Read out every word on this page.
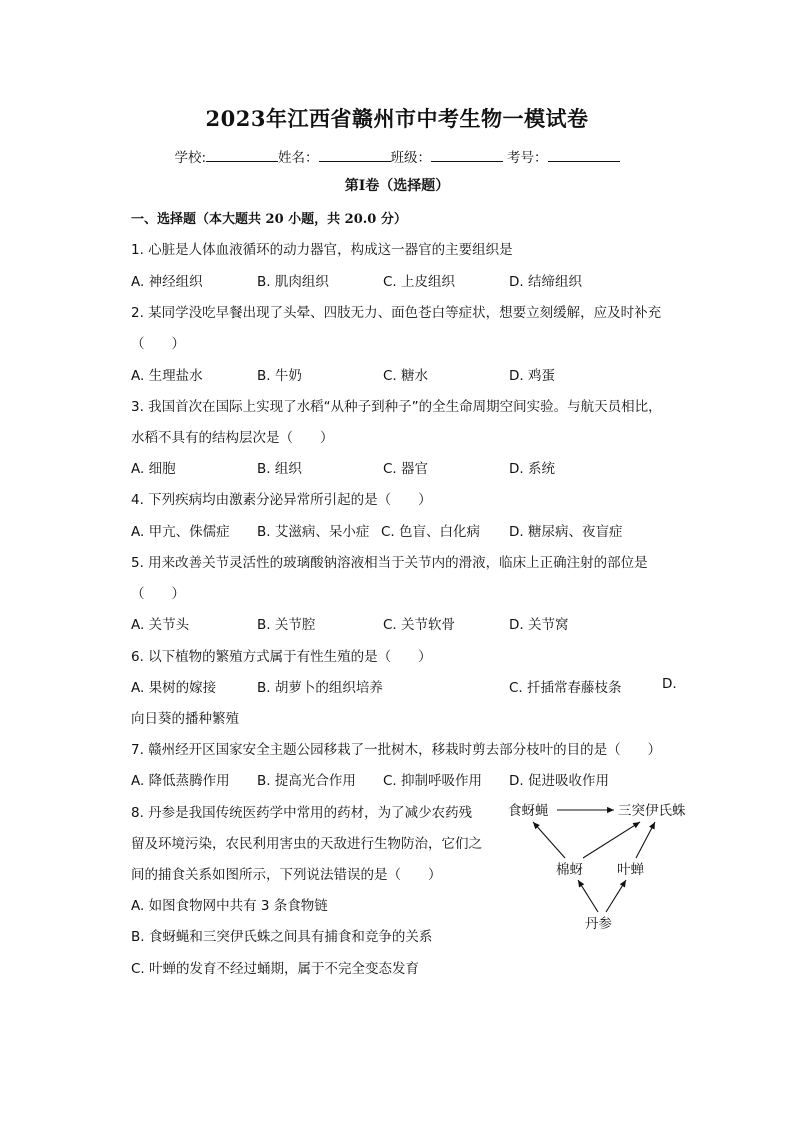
2023年江西省赣州市中考生物一模试卷
学校:	姓名：	班级：	考号：
第I卷（选择题）
一、选择题（本大题共 20 小题，共 20.0 分）
1. 心脏是人体血液循环的动力器官，构成这一器官的主要组织是
A. 神经组织	B. 肌肉组织	C. 上皮组织	D. 结缔组织
2. 某同学没吃早餐出现了头晕、四肢无力、面色苍白等症状，想要立刻缓解，应及时补充
（　　）
A. 生理盐水	B. 牛奶	C. 糖水	D. 鸡蛋
3. 我国首次在国际上实现了水稻“从种子到种子”的全生命周期空间实验。与航天员相比，
水稻不具有的结构层次是（　　）
A. 细胞	B. 组织	C. 器官	D. 系统
4. 下列疾病均由激素分泌异常所引起的是（　　）
A. 甲亢、侏儒症 B. 艾滋病、呆小症 C. 色盲、白化病 D. 糖尿病、夜盲症
5. 用来改善关节灵活性的玻璃酸钠溶液相当于关节内的滑液，临床上正确注射的部位是
（　　）
A. 关节头	B. 关节腔	C. 关节软骨	D. 关节窝
6. 以下植物的繁殖方式属于有性生殖的是（　　）
A. 果树的嫁接	B. 胡萝卜的组织培养	C. 扦插常春藤枝条	D.
向日葵的播种繁殖
7. 赣州经开区国家安全主题公园移栽了一批树木，移栽时剪去部分枝叶的目的是（　　）
A. 降低蒸腾作用 B. 提高光合作用 C. 抑制呼吸作用 D. 促进吸收作用
8. 丹参是我国传统医药学中常用的药材，为了减少农药残
留及环境污染，农民利用害虫的天敌进行生物防治，它们之
间的捕食关系如图所示，下列说法错误的是（　　）
A. 如图食物网中共有 3 条食物链
B. 食蚜蝇和三突伊氏蛛之间具有捕食和竞争的关系
C. 叶蝉的发育不经过蛹期，属于不完全变态发育
食蚜蝇	三突伊氏蛛
棉蚜	叶蝉
丹参
